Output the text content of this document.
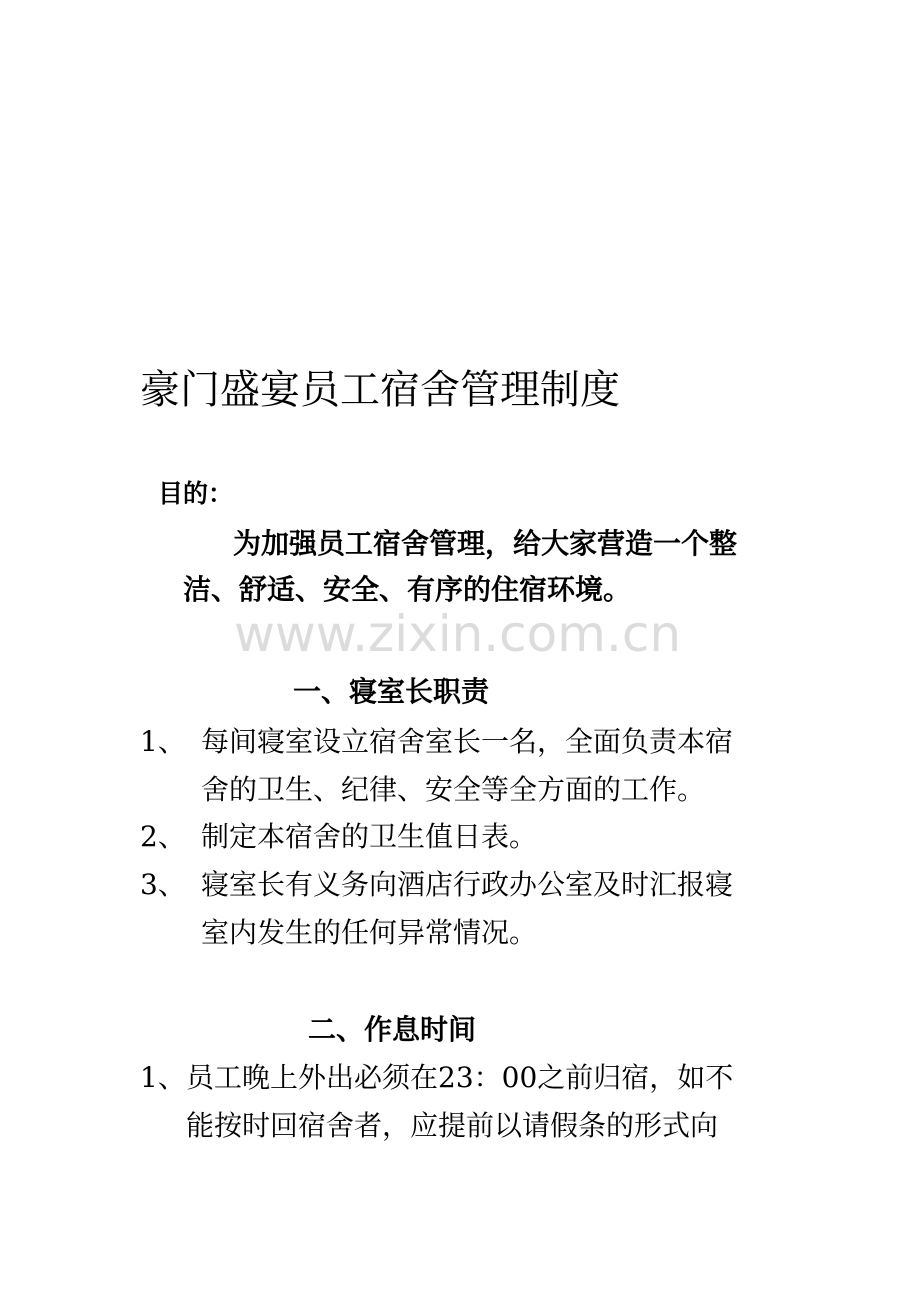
豪门盛宴员工宿舍管理制度
目的：
为加强员工宿舍管理，给大家营造一个整
洁、舒适、安全、有序的住宿环境。
www.zixin.com.cn
一、寝室长职责
1、 每间寝室设立宿舍室长一名，全面负责本宿
舍的卫生、纪律、安全等全方面的工作。
2、 制定本宿舍的卫生值日表。
3、 寝室长有义务向酒店行政办公室及时汇报寝
室内发生的任何异常情况。
二、作息时间
1、 员工晚上外出必须在23：00之前归宿，如不
能按时回宿舍者，应提前以请假条的形式向
